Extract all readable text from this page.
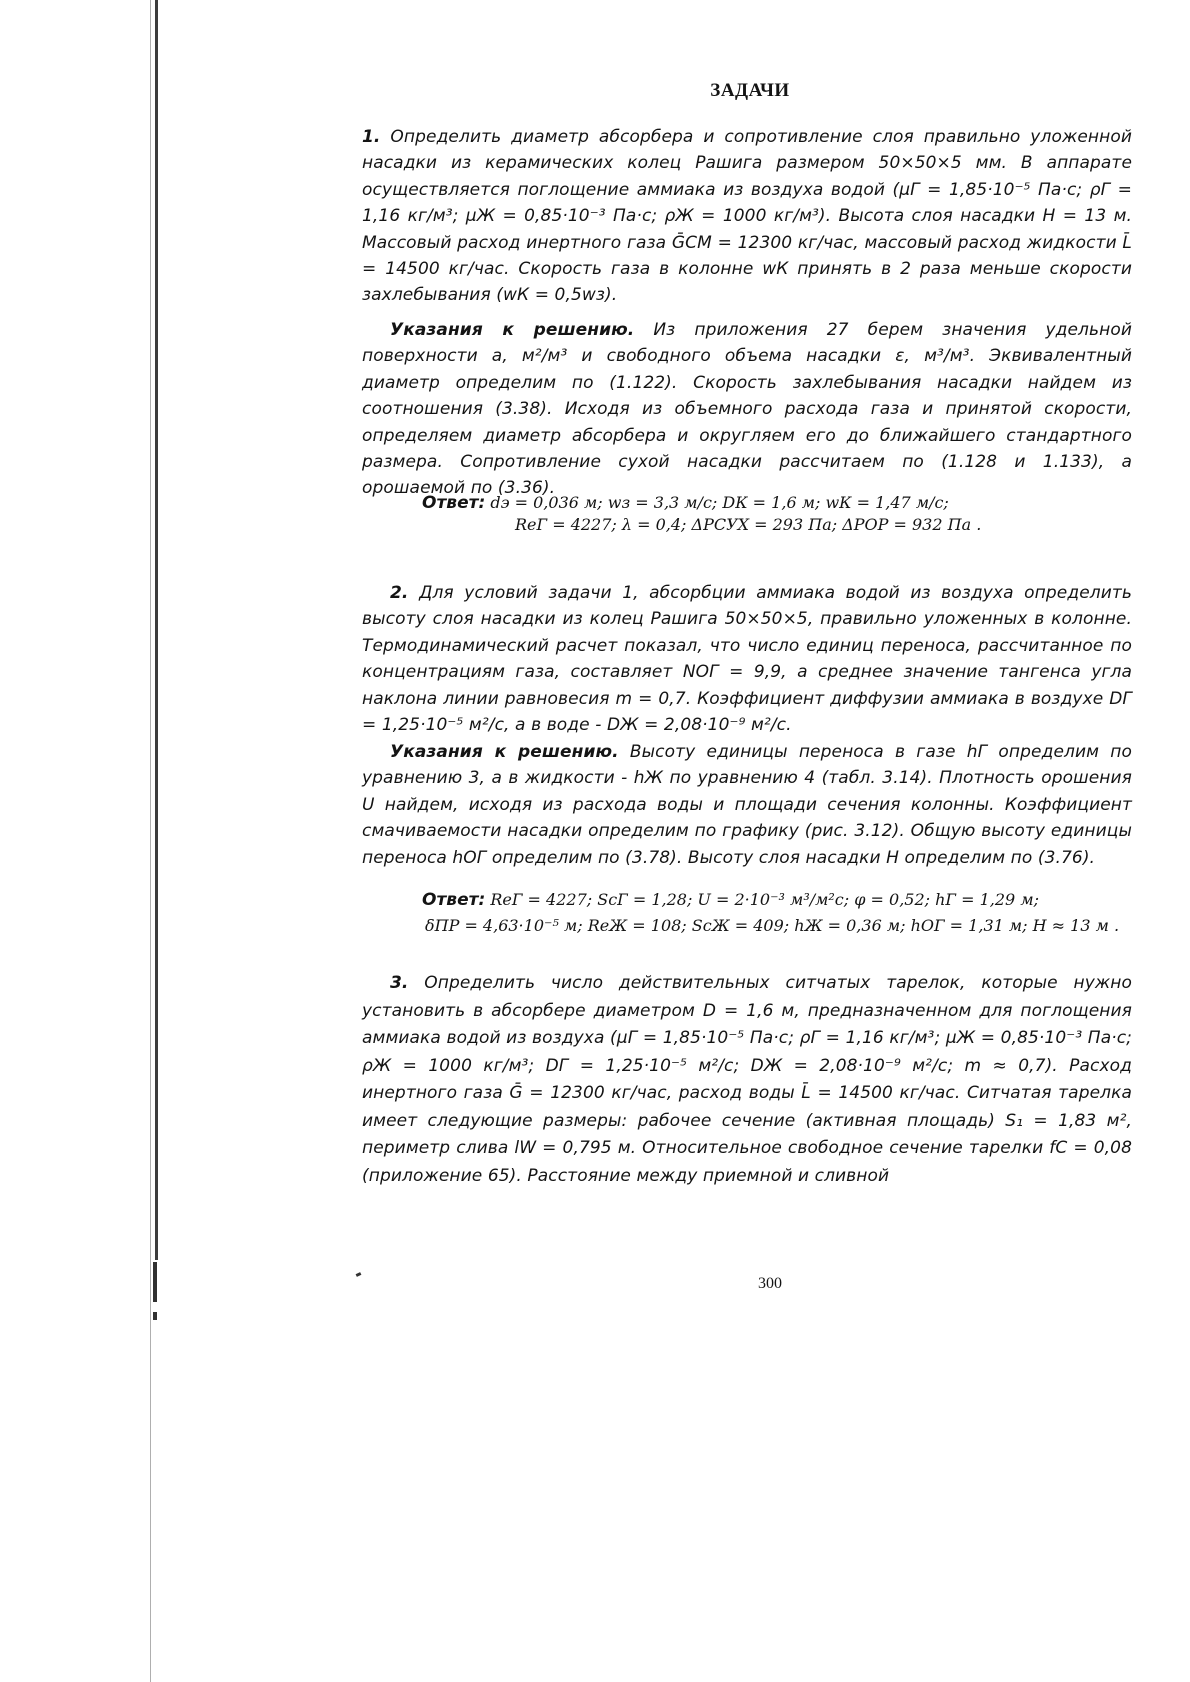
ЗАДАЧИ

1. Определить диаметр абсорбера и сопротивление слоя правильно уложенной насадки из керамических колец Рашига размером 50×50×5 мм. В аппарате осуществляется поглощение аммиака из воздуха водой (μГ = 1,85·10⁻⁵ Па·с; ρГ = 1,16 кг/м³; μЖ = 0,85·10⁻³ Па·с; ρЖ = 1000 кг/м³). Высота слоя насадки H = 13 м. Массовый расход инертного газа ḠСМ = 12300 кг/час, массовый расход жидкости L̄ = 14500 кг/час. Скорость газа в колонне wК принять в 2 раза меньше скорости захлебывания (wК = 0,5wз).

Указания к решению. Из приложения 27 берем значения удельной поверхности a, м²/м³ и свободного объема насадки ε, м³/м³. Эквивалентный диаметр определим по (1.122). Скорость захлебывания насадки найдем из соотношения (3.38). Исходя из объемного расхода газа и принятой скорости, определяем диаметр абсорбера и округляем его до ближайшего стандартного размера. Сопротивление сухой насадки рассчитаем по (1.128 и 1.133), а орошаемой по (3.36).

Ответ: dэ = 0,036 м; wз = 3,3 м/с; DК = 1,6 м; wК = 1,47 м/с;

ReГ = 4227; λ = 0,4; ΔPСУХ = 293 Па; ΔPОР = 932 Па .

2. Для условий задачи 1, абсорбции аммиака водой из воздуха определить высоту слоя насадки из колец Рашига 50×50×5, правильно уложенных в колонне. Термодинамический расчет показал, что число единиц переноса, рассчитанное по концентрациям газа, составляет NОГ = 9,9, а среднее значение тангенса угла наклона линии равновесия m = 0,7. Коэффициент диффузии аммиака в воздухе DГ = 1,25·10⁻⁵ м²/с, а в воде - DЖ = 2,08·10⁻⁹ м²/с.

Указания к решению. Высоту единицы переноса в газе hГ определим по уравнению 3, а в жидкости - hЖ по уравнению 4 (табл. 3.14). Плотность орошения U найдем, исходя из расхода воды и площади сечения колонны. Коэффициент смачиваемости насадки определим по графику (рис. 3.12). Общую высоту единицы переноса hОГ определим по (3.78). Высоту слоя насадки H определим по (3.76).

Ответ: ReГ = 4227; ScГ = 1,28; U = 2·10⁻³ м³/м²с; φ = 0,52; hГ = 1,29 м;

δПР = 4,63·10⁻⁵ м; ReЖ = 108; ScЖ = 409; hЖ = 0,36 м; hОГ = 1,31 м; H ≈ 13 м .

3. Определить число действительных ситчатых тарелок, которые нужно установить в абсорбере диаметром D = 1,6 м, предназначенном для поглощения аммиака водой из воздуха (μГ = 1,85·10⁻⁵ Па·с; ρГ = 1,16 кг/м³; μЖ = 0,85·10⁻³ Па·с; ρЖ = 1000 кг/м³; DГ = 1,25·10⁻⁵ м²/с; DЖ = 2,08·10⁻⁹ м²/с; m ≈ 0,7). Расход инертного газа Ḡ = 12300 кг/час, расход воды L̄ = 14500 кг/час. Ситчатая тарелка имеет следующие размеры: рабочее сечение (активная площадь) S₁ = 1,83 м², периметр слива lW = 0,795 м. Относительное свободное сечение тарелки fС = 0,08 (приложение 65). Расстояние между приемной и сливной

300
